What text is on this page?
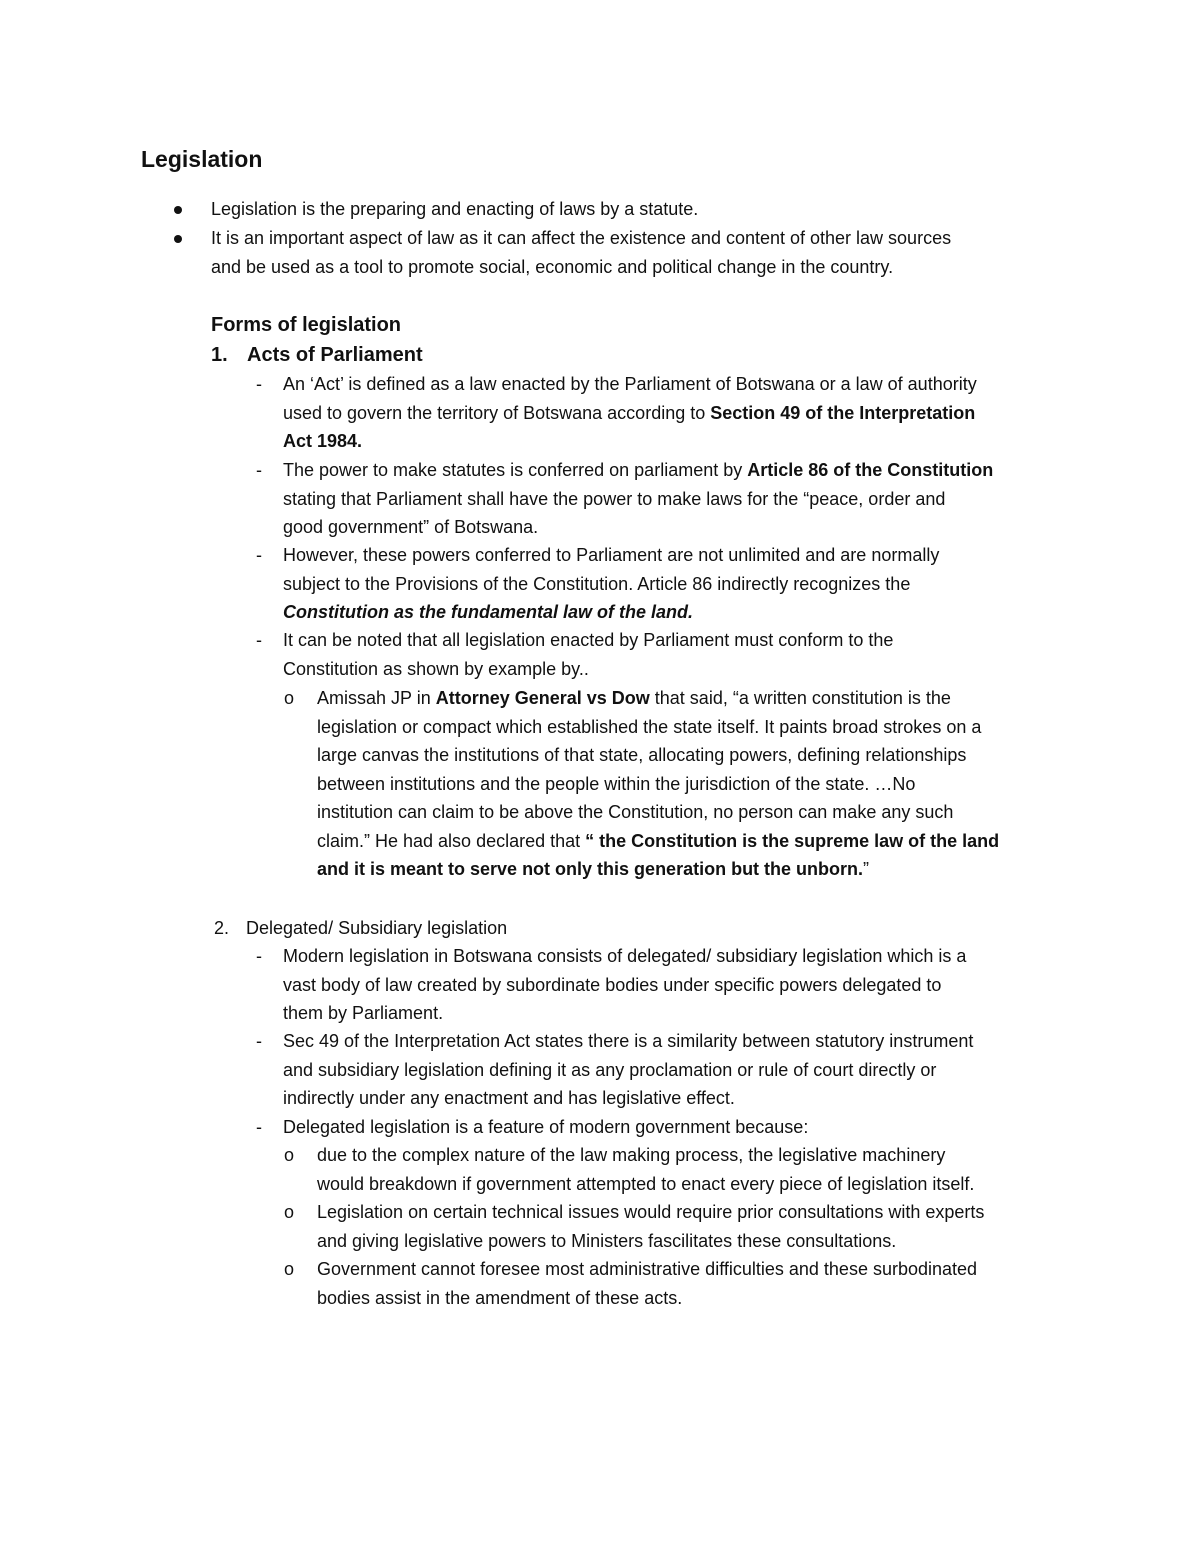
Legislation
Legislation is the preparing and enacting of laws by a statute.
It is an important aspect of law as it can affect the existence and content of other law sources
and be used as a tool to promote social, economic and political change in the country.
Forms of legislation
1. Acts of Parliament
- An ‘Act’ is defined as a law enacted by the Parliament of Botswana or a law of authority
used to govern the territory of Botswana according to Section 49 of the Interpretation
Act 1984.
- The power to make statutes is conferred on parliament by Article 86 of the Constitution
stating that Parliament shall have the power to make laws for the “peace, order and
good government” of Botswana.
- However, these powers conferred to Parliament are not unlimited and are normally
subject to the Provisions of the Constitution. Article 86 indirectly recognizes the
Constitution as the fundamental law of the land.
- It can be noted that all legislation enacted by Parliament must conform to the
Constitution as shown by example by..
o Amissah JP in Attorney General vs Dow that said, “a written constitution is the
legislation or compact which established the state itself. It paints broad strokes on a
large canvas the institutions of that state, allocating powers, defining relationships
between institutions and the people within the jurisdiction of the state. …No
institution can claim to be above the Constitution, no person can make any such
claim.” He had also declared that “ the Constitution is the supreme law of the land
and it is meant to serve not only this generation but the unborn.”
2. Delegated/ Subsidiary legislation
- Modern legislation in Botswana consists of delegated/ subsidiary legislation which is a
vast body of law created by subordinate bodies under specific powers delegated to
them by Parliament.
- Sec 49 of the Interpretation Act states there is a similarity between statutory instrument
and subsidiary legislation defining it as any proclamation or rule of court directly or
indirectly under any enactment and has legislative effect.
- Delegated legislation is a feature of modern government because:
o due to the complex nature of the law making process, the legislative machinery
would breakdown if government attempted to enact every piece of legislation itself.
o Legislation on certain technical issues would require prior consultations with experts
and giving legislative powers to Ministers fascilitates these consultations.
o Government cannot foresee most administrative difficulties and these surbodinated
bodies assist in the amendment of these acts.
